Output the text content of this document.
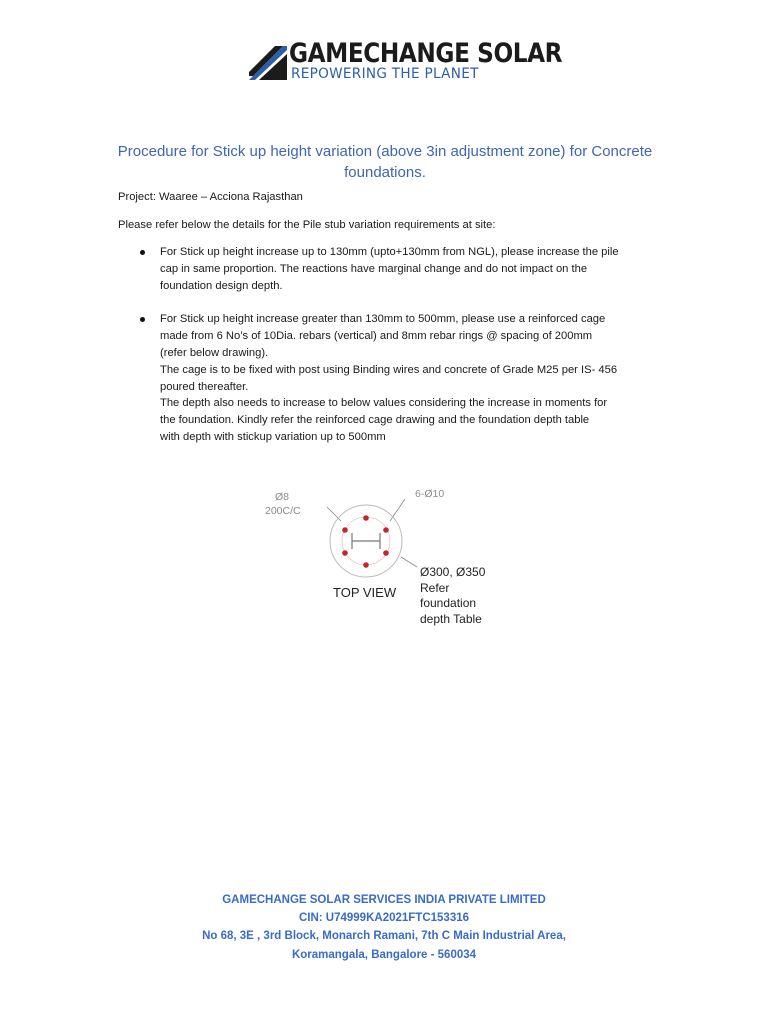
GAMECHANGE SOLAR
REPOWERING THE PLANET
Procedure for Stick up height variation (above 3in adjustment zone) for Concrete foundations.
Project: Waaree – Acciona Rajasthan
Please refer below the details for the Pile stub variation requirements at site:

For Stick up height increase up to 130mm (upto+130mm from NGL), please increase the pile

cap in same proportion. The reactions have marginal change and do not impact on the

foundation design depth.

For Stick up height increase greater than 130mm to 500mm, please use a reinforced cage

made from 6 No’s of 10Dia. rebars (vertical) and 8mm rebar rings @ spacing of 200mm

(refer below drawing).

The cage is to be fixed with post using Binding wires and concrete of Grade M25 per IS- 456

poured thereafter.

The depth also needs to increase to below values considering the increase in moments for

the foundation. Kindly refer the reinforced cage drawing and the foundation depth table

with depth with stickup variation up to 500mm

Ø8
200C/C
6-Ø10
TOP VIEW
Ø300, Ø350
Refer
foundation
depth Table
GAMECHANGE SOLAR SERVICES INDIA PRIVATE LIMITED
CIN: U74999KA2021FTC153316
No 68, 3E , 3rd Block, Monarch Ramani, 7th C Main Industrial Area,
Koramangala, Bangalore - 560034
